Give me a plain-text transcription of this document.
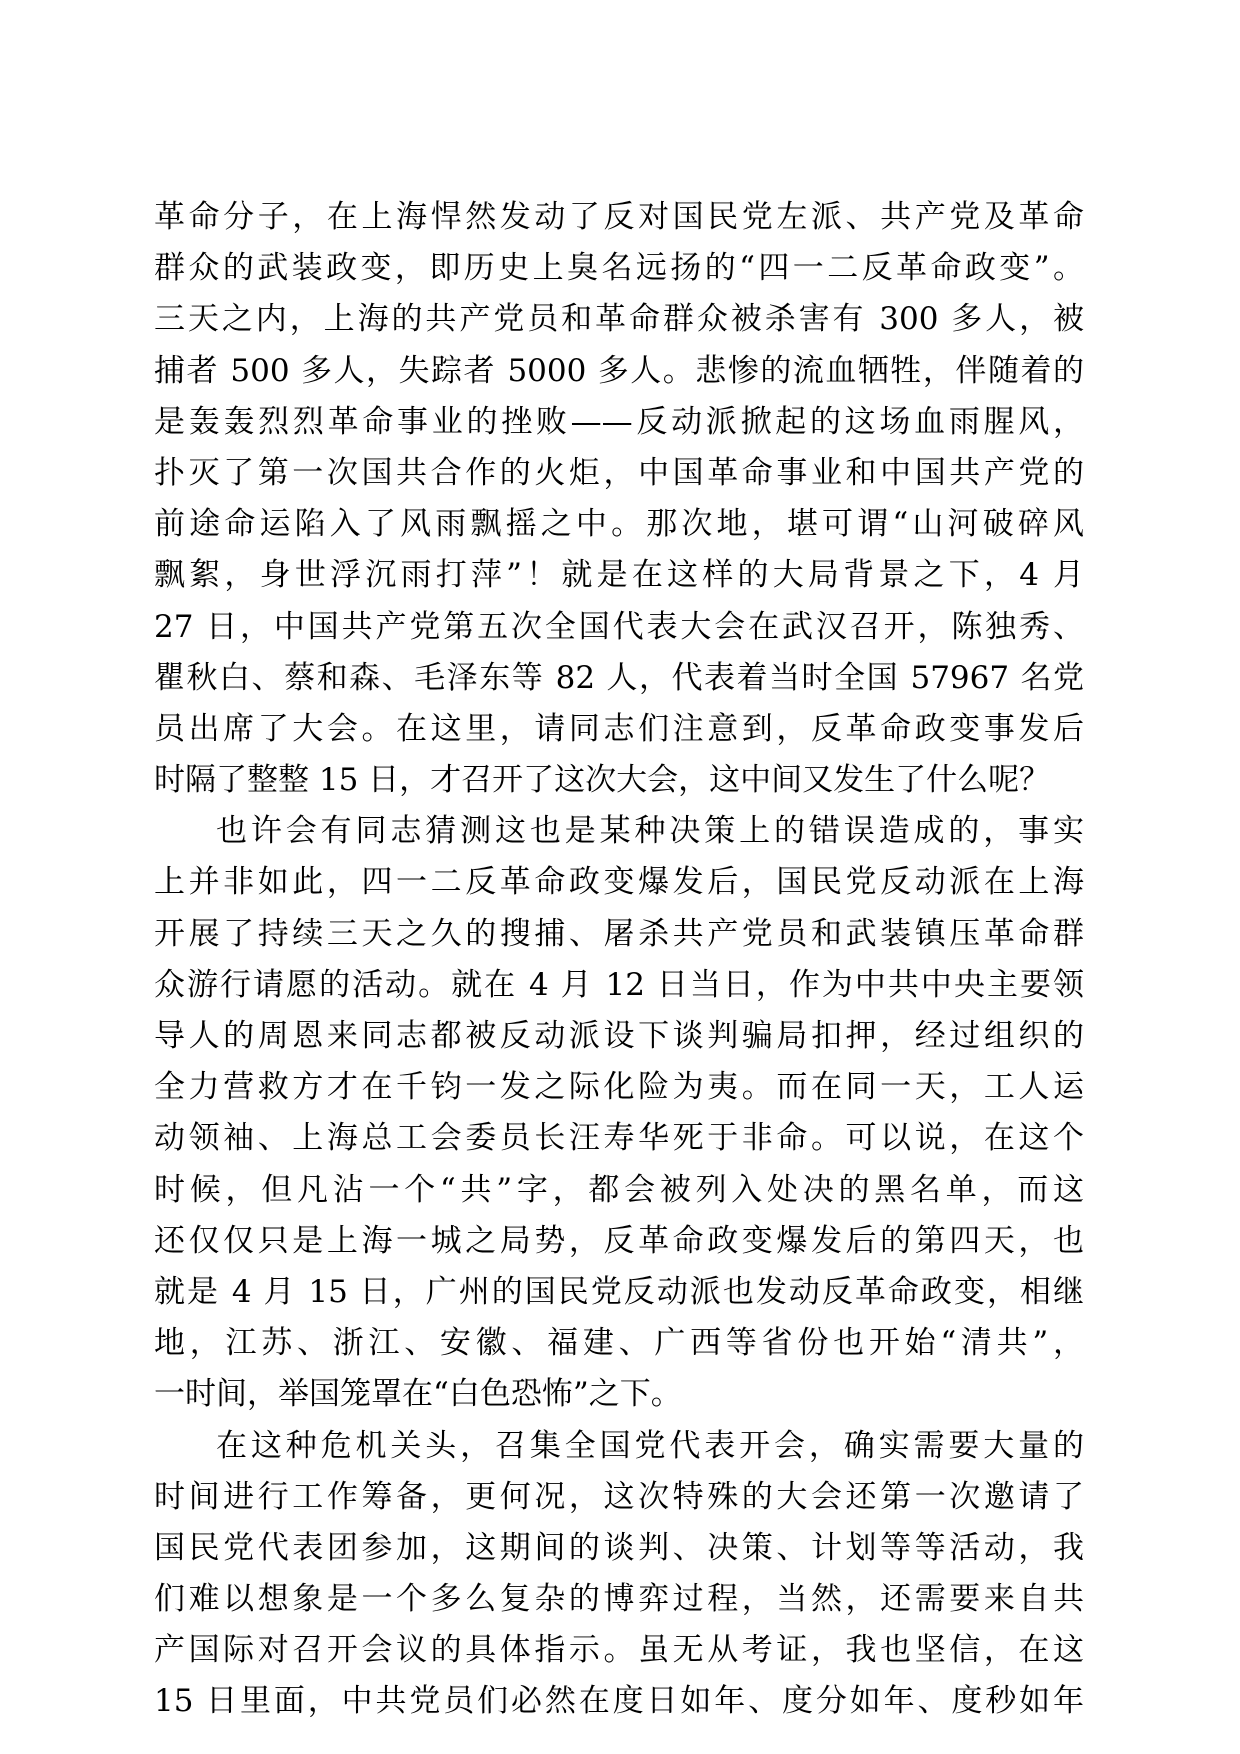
革命分子，在上海悍然发动了反对国民党左派、共产党及革命
群众的武装政变，即历史上臭名远扬的“四一二反革命政变”。
三天之内，上海的共产党员和革命群众被杀害有 300 多人，被
捕者 500 多人，失踪者 5000 多人。悲惨的流血牺牲，伴随着的
是轰轰烈烈革命事业的挫败——反动派掀起的这场血雨腥风，
扑灭了第一次国共合作的火炬，中国革命事业和中国共产党的
前途命运陷入了风雨飘摇之中。那次地，堪可谓“山河破碎风
飘絮，身世浮沉雨打萍”！就是在这样的大局背景之下，4 月
27 日，中国共产党第五次全国代表大会在武汉召开，陈独秀、
瞿秋白、蔡和森、毛泽东等 82 人，代表着当时全国 57967 名党
员出席了大会。在这里，请同志们注意到，反革命政变事发后
时隔了整整 15 日，才召开了这次大会，这中间又发生了什么呢？
也许会有同志猜测这也是某种决策上的错误造成的，事实
上并非如此，四一二反革命政变爆发后，国民党反动派在上海
开展了持续三天之久的搜捕、屠杀共产党员和武装镇压革命群
众游行请愿的活动。就在 4 月 12 日当日，作为中共中央主要领
导人的周恩来同志都被反动派设下谈判骗局扣押，经过组织的
全力营救方才在千钧一发之际化险为夷。而在同一天，工人运
动领袖、上海总工会委员长汪寿华死于非命。可以说，在这个
时候，但凡沾一个“共”字，都会被列入处决的黑名单，而这
还仅仅只是上海一城之局势，反革命政变爆发后的第四天，也
就是 4 月 15 日，广州的国民党反动派也发动反革命政变，相继
地，江苏、浙江、安徽、福建、广西等省份也开始“清共”，
一时间，举国笼罩在“白色恐怖”之下。
在这种危机关头，召集全国党代表开会，确实需要大量的
时间进行工作筹备，更何况，这次特殊的大会还第一次邀请了
国民党代表团参加，这期间的谈判、决策、计划等等活动，我
们难以想象是一个多么复杂的博弈过程，当然，还需要来自共
产国际对召开会议的具体指示。虽无从考证，我也坚信，在这
15 日里面，中共党员们必然在度日如年、度分如年、度秒如年
